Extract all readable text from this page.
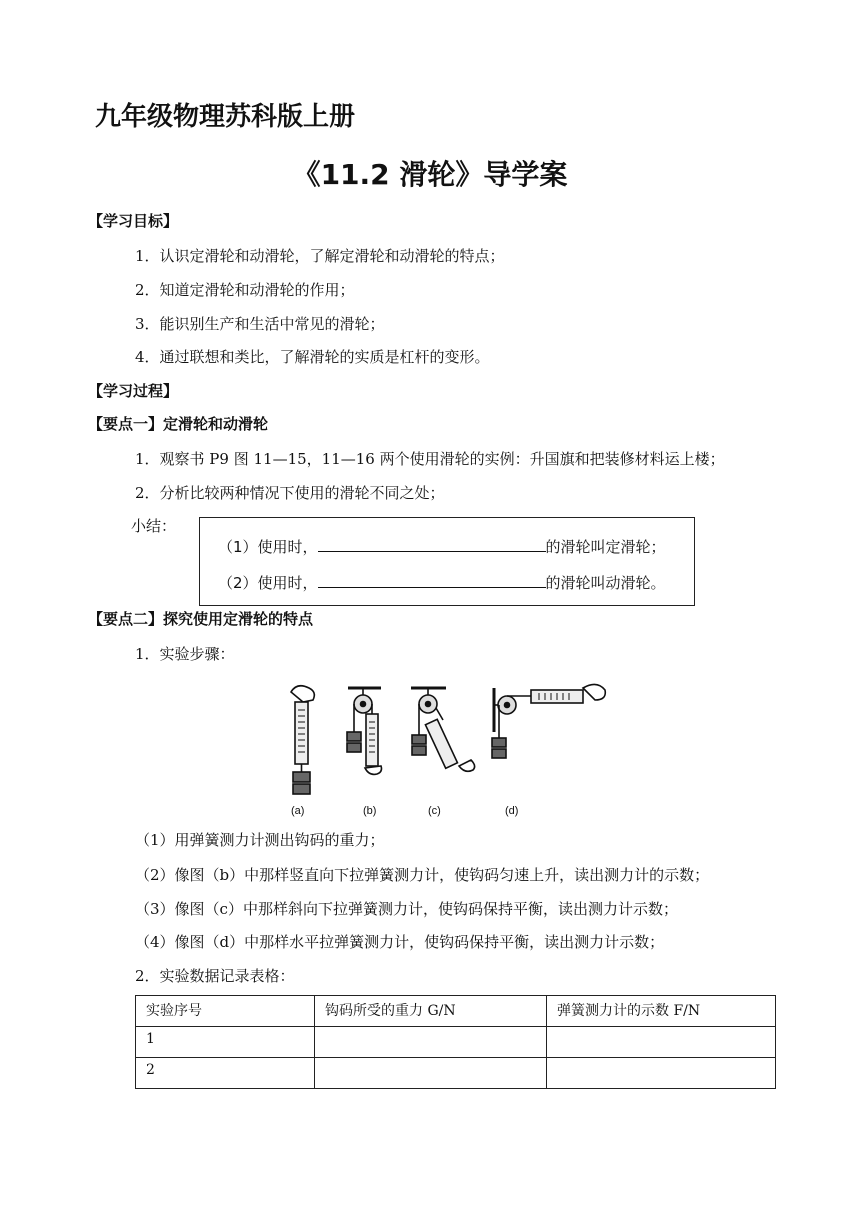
九年级物理苏科版上册
《11.2 滑轮》导学案
【学习目标】
1．认识定滑轮和动滑轮，了解定滑轮和动滑轮的特点；
2．知道定滑轮和动滑轮的作用；
3．能识别生产和生活中常见的滑轮；
4．通过联想和类比，了解滑轮的实质是杠杆的变形。
【学习过程】
【要点一】定滑轮和动滑轮
1．观察书 P9 图 11—15，11—16 两个使用滑轮的实例：升国旗和把装修材料运上楼；
2．分析比较两种情况下使用的滑轮不同之处；
小结：
（1）使用时，	的滑轮叫定滑轮；
（2）使用时，	的滑轮叫动滑轮。
【要点二】探究使用定滑轮的特点
1．实验步骤：
(a)	(b)	(c)	(d)
（1）用弹簧测力计测出钩码的重力；
（2）像图（b）中那样竖直向下拉弹簧测力计，使钩码匀速上升，读出测力计的示数；
（3）像图（c）中那样斜向下拉弹簧测力计，使钩码保持平衡，读出测力计示数；
（4）像图（d）中那样水平拉弹簧测力计，使钩码保持平衡，读出测力计示数；
2．实验数据记录表格：
实验序号	钩码所受的重力 G/N	弹簧测力计的示数 F/N
1		
2		
